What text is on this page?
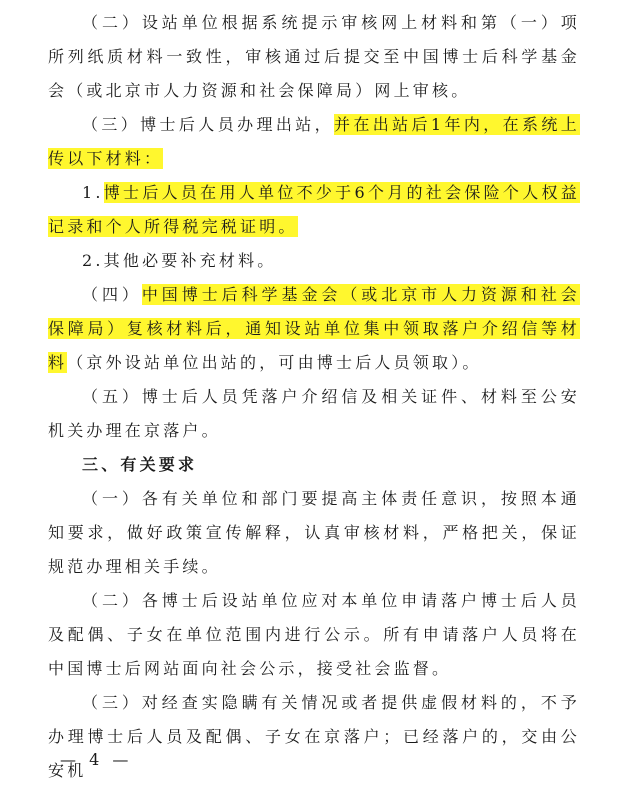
（二）设站单位根据系统提示审核网上材料和第（一）项所列纸质材料一致性，审核通过后提交至中国博士后科学基金会（或北京市人力资源和社会保障局）网上审核。

（三）博士后人员办理出站，并在出站后1年内，在系统上传以下材料：

1.博士后人员在用人单位不少于6个月的社会保险个人权益记录和个人所得税完税证明。

2.其他必要补充材料。

（四）中国博士后科学基金会（或北京市人力资源和社会保障局）复核材料后，通知设站单位集中领取落户介绍信等材料（京外设站单位出站的，可由博士后人员领取）。

（五）博士后人员凭落户介绍信及相关证件、材料至公安机关办理在京落户。

三、有关要求

（一）各有关单位和部门要提高主体责任意识，按照本通知要求，做好政策宣传解释，认真审核材料，严格把关，保证规范办理相关手续。

（二）各博士后设站单位应对本单位申请落户博士后人员及配偶、子女在单位范围内进行公示。所有申请落户人员将在中国博士后网站面向社会公示，接受社会监督。

（三）对经查实隐瞒有关情况或者提供虚假材料的，不予办理博士后人员及配偶、子女在京落户；已经落户的，交由公安机

— 4 —
